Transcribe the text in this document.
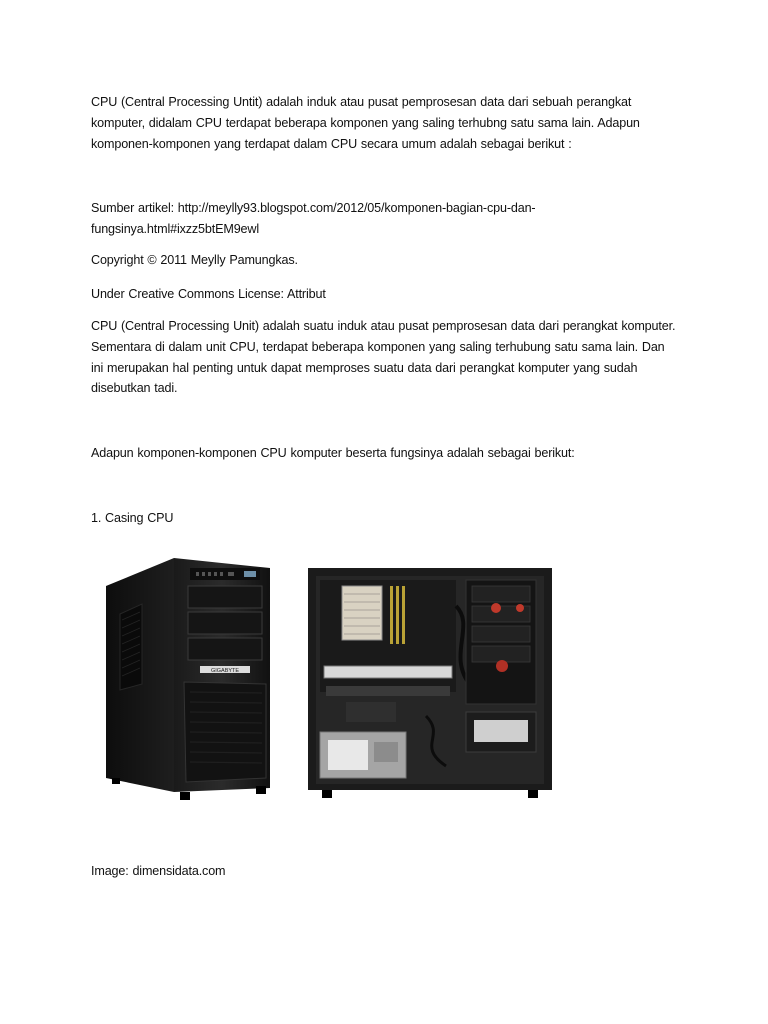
CPU (Central Processing Untit) adalah induk atau pusat pemprosesan data dari sebuah perangkat
komputer, didalam CPU terdapat beberapa komponen yang saling terhubng satu sama lain. Adapun
komponen-komponen yang terdapat dalam CPU secara umum adalah sebagai berikut :
Sumber artikel: http://meylly93.blogspot.com/2012/05/komponen-bagian-cpu-dan-
fungsinya.html#ixzz5btEM9ewl
Copyright © 2011 Meylly Pamungkas.
Under Creative Commons License: Attribut
CPU (Central Processing Unit) adalah suatu induk atau pusat pemprosesan data dari perangkat komputer.
Sementara di dalam unit CPU, terdapat beberapa komponen yang saling terhubung satu sama lain. Dan
ini merupakan hal penting untuk dapat memproses suatu data dari perangkat komputer yang sudah
disebutkan tadi.
Adapun komponen-komponen CPU komputer beserta fungsinya adalah sebagai berikut:
1. Casing CPU
GIGABYTE
Image: dimensidata.com
